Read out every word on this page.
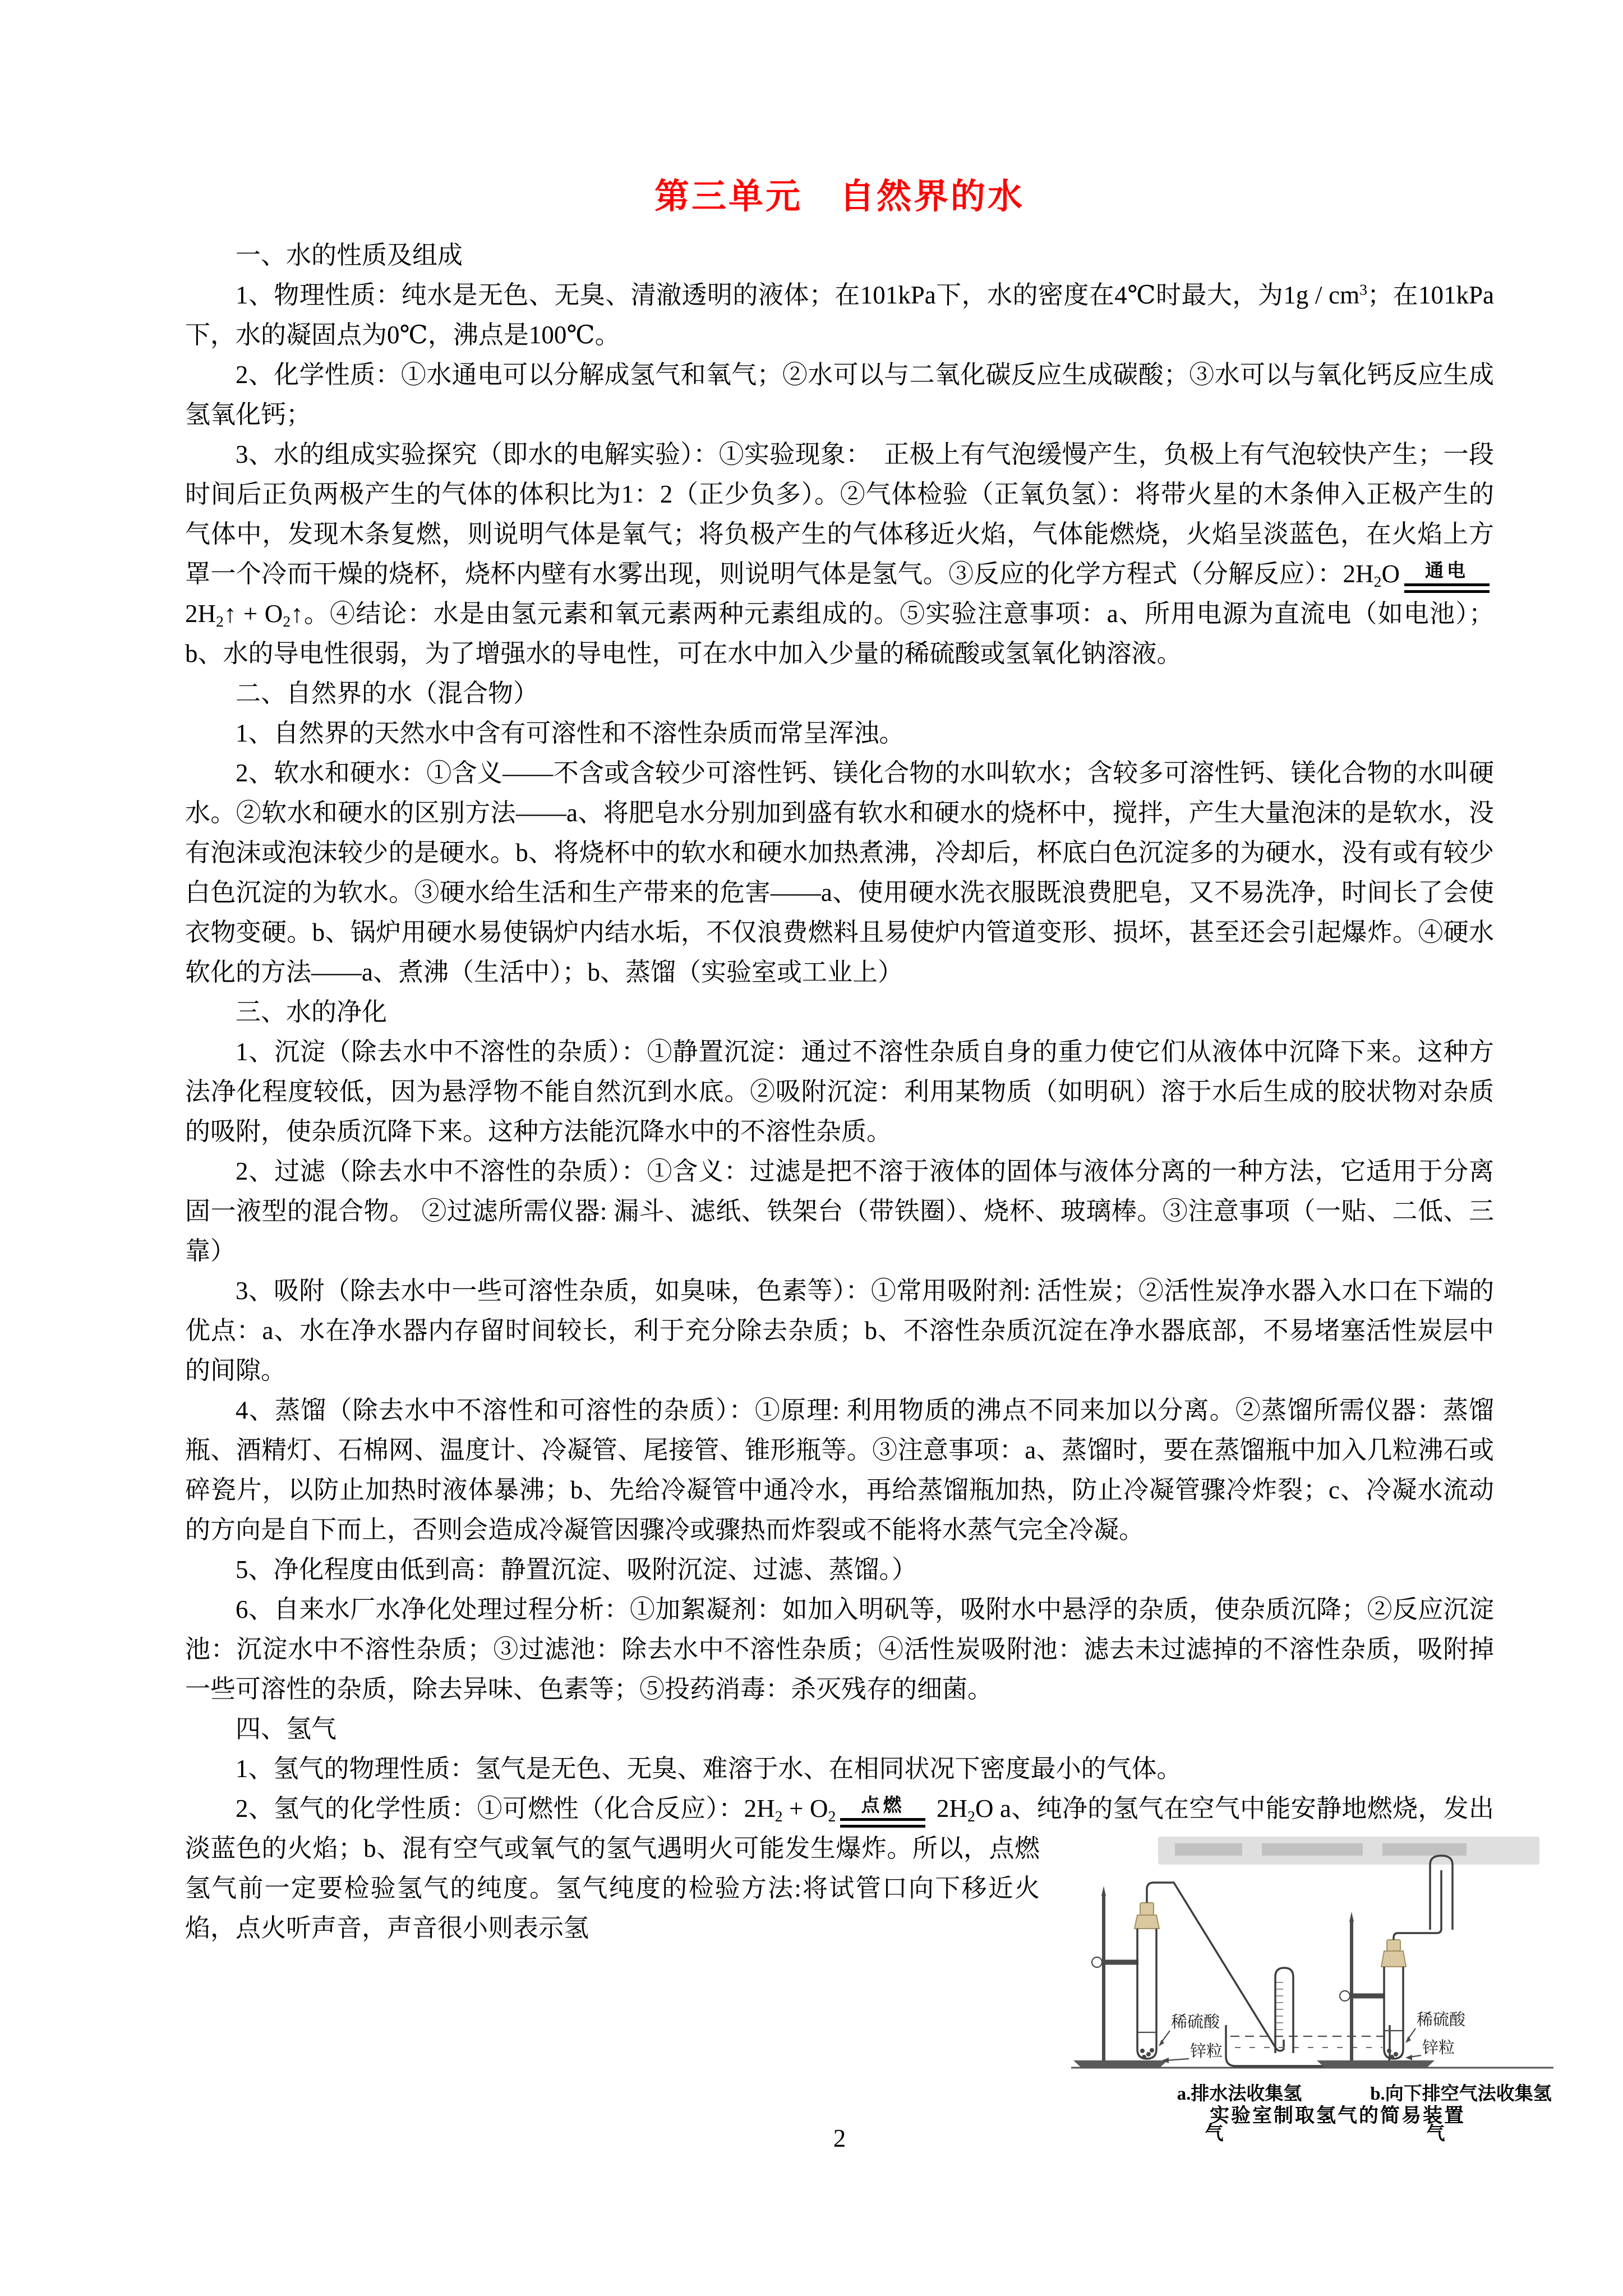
第三单元　自然界的水

一、水的性质及组成

1、物理性质：纯水是无色、无臭、清澈透明的液体；在101kPa下，水的密度在4℃时最大，为$1g / cm^3$；在101kPa下，水的凝固点为0℃，沸点是100℃。

2、化学性质：①水通电可以分解成氢气和氧气；②水可以与二氧化碳反应生成碳酸；③水可以与氧化钙反应生成氢氧化钙；

3、水的组成实验探究（即水的电解实验）：①实验现象：　正极上有气泡缓慢产生，负极上有气泡较快产生；一段时间后正负两极产生的气体的体积比为1：2（正少负多）。②气体检验（正氧负氢）：将带火星的木条伸入正极产生的气体中，发现木条复燃，则说明气体是氧气；将负极产生的气体移近火焰，气体能燃烧，火焰呈淡蓝色，在火焰上方罩一个冷而干燥的烧杯，烧杯内壁有水雾出现，则说明气体是氢气。③反应的化学方程式（分解反应）：$2H_2O$	通电
$2H_2↑$ + $O_2↑$。④结论：水是由氢元素和氧元素两种元素组成的。⑤实验注意事项：a、所用电源为直流电（如电池）；b、水的导电性很弱，为了增强水的导电性，可在水中加入少量的稀硫酸或氢氧化钠溶液。

二、自然界的水（混合物）

1、自然界的天然水中含有可溶性和不溶性杂质而常呈浑浊。

2、软水和硬水：①含义——不含或含较少可溶性钙、镁化合物的水叫软水；含较多可溶性钙、镁化合物的水叫硬水。②软水和硬水的区别方法——a、将肥皂水分别加到盛有软水和硬水的烧杯中，搅拌，产生大量泡沫的是软水，没有泡沫或泡沫较少的是硬水。b、将烧杯中的软水和硬水加热煮沸，冷却后，杯底白色沉淀多的为硬水，没有或有较少白色沉淀的为软水。③硬水给生活和生产带来的危害——a、使用硬水洗衣服既浪费肥皂，又不易洗净，时间长了会使衣物变硬。b、锅炉用硬水易使锅炉内结水垢，不仅浪费燃料且易使炉内管道变形、损坏，甚至还会引起爆炸。④硬水软化的方法——a、煮沸（生活中）；b、蒸馏（实验室或工业上）

三、水的净化

1、沉淀（除去水中不溶性的杂质）：①静置沉淀：通过不溶性杂质自身的重力使它们从液体中沉降下来。这种方法净化程度较低，因为悬浮物不能自然沉到水底。②吸附沉淀：利用某物质（如明矾）溶于水后生成的胶状物对杂质的吸附，使杂质沉降下来。这种方法能沉降水中的不溶性杂质。

2、过滤（除去水中不溶性的杂质）：①含义：过滤是把不溶于液体的固体与液体分离的一种方法，它适用于分离固一液型的混合物。 ②过滤所需仪器: 漏斗、滤纸、铁架台（带铁圈）、烧杯、玻璃棒。③注意事项（一贴、二低、三靠）

3、吸附（除去水中一些可溶性杂质，如臭味，色素等）：①常用吸附剂: 活性炭；②活性炭净水器入水口在下端的优点：a、水在净水器内存留时间较长，利于充分除去杂质；b、不溶性杂质沉淀在净水器底部，不易堵塞活性炭层中的间隙。

4、蒸馏（除去水中不溶性和可溶性的杂质）：①原理: 利用物质的沸点不同来加以分离。②蒸馏所需仪器：蒸馏瓶、酒精灯、石棉网、温度计、冷凝管、尾接管、锥形瓶等。③注意事项：a、蒸馏时，要在蒸馏瓶中加入几粒沸石或碎瓷片，以防止加热时液体暴沸；b、先给冷凝管中通冷水，再给蒸馏瓶加热，防止冷凝管骤冷炸裂；c、冷凝水流动的方向是自下而上，否则会造成冷凝管因骤冷或骤热而炸裂或不能将水蒸气完全冷凝。

5、净化程度由低到高：静置沉淀、吸附沉淀、过滤、蒸馏。）

6、自来水厂水净化处理过程分析：①加絮凝剂：如加入明矾等，吸附水中悬浮的杂质，使杂质沉降；②反应沉淀池：沉淀水中不溶性杂质；③过滤池：除去水中不溶性杂质；④活性炭吸附池：滤去未过滤掉的不溶性杂质，吸附掉一些可溶性的杂质，除去异味、色素等；⑤投药消毒：杀灭残存的细菌。

四、氢气

1、氢气的物理性质：氢气是无色、无臭、难溶于水、在相同状况下密度最小的气体。

2、氢气的化学性质：①可燃性（化合反应）：$2H_2 + O_2$
点燃	$2H_2O$ a、纯净的氢气在空气中能安
稀硫酸
锌粒
稀硫酸
锌粒
a.排水法收集氢气
b.向下排空气法收集氢气
实验室制取氢气的简易装置
静地燃烧，发出淡蓝色的火焰；b、混有空气或氧气的氢气遇明火可能发生爆炸。所以，点燃氢气前一定要检验氢气的纯度。氢气纯度的检验方法:将试管口向下移近火焰，点火听声音，声音很小则表示氢

2
